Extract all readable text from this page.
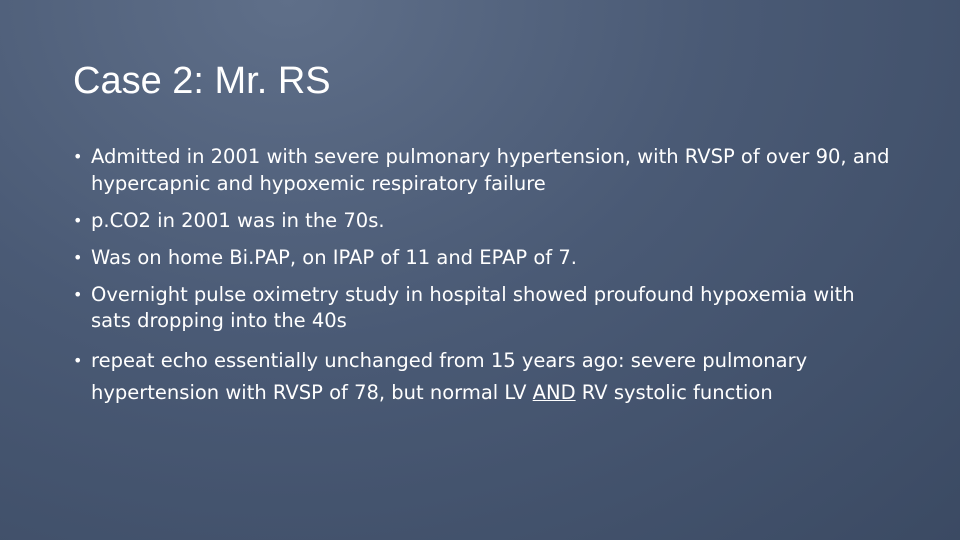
Case 2: Mr. RS
• Admitted in 2001 with severe pulmonary hypertension, with RVSP of over 90, and hypercapnic and hypoxemic respiratory failure
• p.CO2 in 2001 was in the 70s.
• Was on home Bi.PAP, on IPAP of 11 and EPAP of 7.
• Overnight pulse oximetry study in hospital showed proufound hypoxemia with sats dropping into the 40s
• repeat echo essentially unchanged from 15 years ago: severe pulmonary hypertension with RVSP of 78, but normal LV AND RV systolic function
